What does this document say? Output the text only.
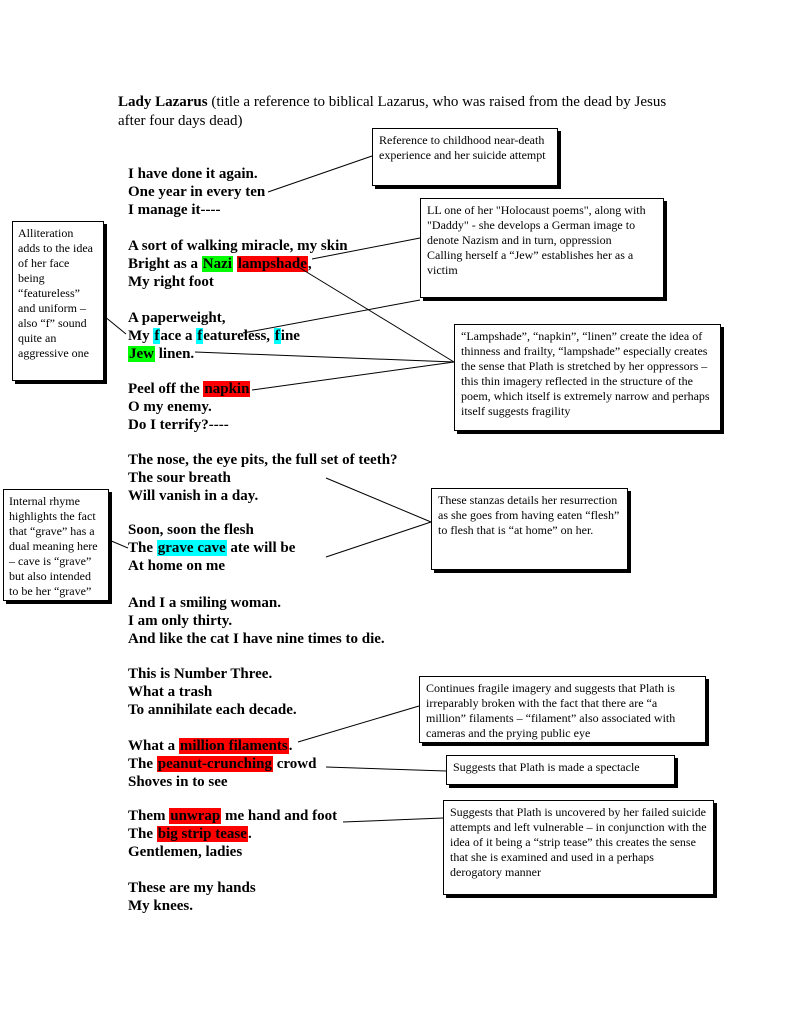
Lady Lazarus (title a reference to biblical Lazarus, who was raised from the dead by Jesus after four days dead)
I have done it again.
One year in every ten
I manage it----
A sort of walking miracle, my skin
Bright as a Nazi lampshade,
My right foot
A paperweight,
My face a featureless, fine
Jew linen.
Peel off the napkin
O my enemy.
Do I terrify?----
The nose, the eye pits, the full set of teeth?
The sour breath
Will vanish in a day.
Soon, soon the flesh
The grave cave ate will be
At home on me
And I a smiling woman.
I am only thirty.
And like the cat I have nine times to die.
This is Number Three.
What a trash
To annihilate each decade.
What a million filaments.
The peanut-crunching crowd
Shoves in to see
Them unwrap me hand and foot
The big strip tease.
Gentlemen, ladies
These are my hands
My knees.
Reference to childhood near-death experience and her suicide attempt
LL one of her "Holocaust poems", along with "Daddy" - she develops a German image to denote Nazism and in turn, oppression
Calling herself a “Jew” establishes her as a victim
Alliteration adds to the idea of her face being “featureless” and uniform – also “f” sound quite an aggressive one
“Lampshade”, “napkin”, “linen” create the idea of thinness and frailty, “lampshade” especially creates the sense that Plath is stretched by her oppressors – this thin imagery reflected in the structure of the poem, which itself is extremely narrow and perhaps itself suggests fragility
Internal rhyme highlights the fact that “grave” has a dual meaning here – cave is “grave” but also intended to be her “grave”
These stanzas details her resurrection as she goes from having eaten “flesh” to flesh that is “at home” on her.
Continues fragile imagery and suggests that Plath is irreparably broken with the fact that there are “a million” filaments – “filament” also associated with cameras and the prying public eye
Suggests that Plath is made a spectacle
Suggests that Plath is uncovered by her failed suicide attempts and left vulnerable – in conjunction with the idea of it being a “strip tease” this creates the sense that she is examined and used in a perhaps derogatory manner
